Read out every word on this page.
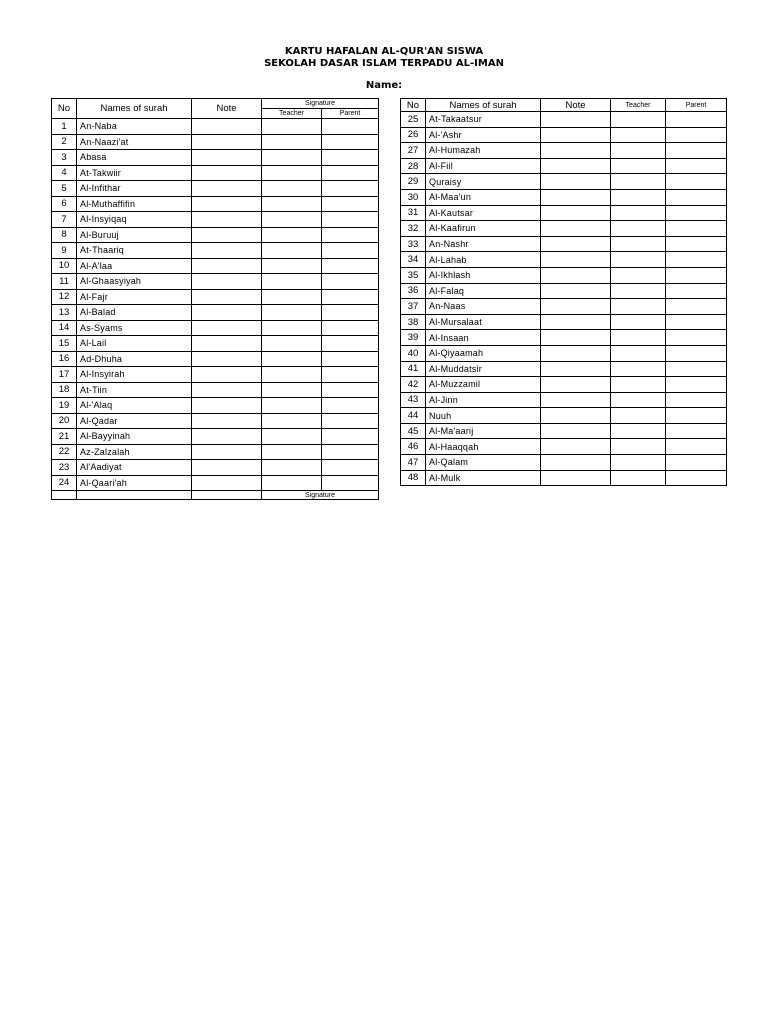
KARTU HAFALAN AL-QUR'AN SISWA
SEKOLAH DASAR ISLAM TERPADU AL-IMAN
Name:
No	Names of surah	Note	Signature	
			Teacher	Parent
1	An-Naba			
2	An-Naazi'at			
3	Abasa			
4	At-Takwiir			
5	Al-Infithar			
6	Al-Muthaffifin			
7	Al-Insyiqaq			
8	Al-Buruuj			
9	At-Thaariq			
10	Al-A'laa			
11	Al-Ghaasyiyah			
12	Al-Fajr			
13	Al-Balad			
14	As-Syams			
15	Al-Lail			
16	Ad-Dhuha			
17	Al-Insyirah			
18	At-Tiin			
19	Al-'Alaq			
20	Al-Qadar			
21	Al-Bayyinah			
22	Az-Zalzalah			
23	Al'Aadiyat			
24	Al-Qaari'ah			
			Signature	
No	Names of surah	Note	Teacher	Parent
25	At-Takaatsur			
26	Al-'Ashr			
27	Al-Humazah			
28	Al-Fiil			
29	Quraisy			
30	Al-Maa'un			
31	Al-Kautsar			
32	Al-Kaafirun			
33	An-Nashr			
34	Al-Lahab			
35	Al-Ikhlash			
36	Al-Falaq			
37	An-Naas			
38	Al-Mursalaat			
39	Al-Insaan			
40	Al-Qiyaamah			
41	Al-Muddatsir			
42	Al-Muzzamil			
43	Al-Jinn			
44	Nuuh			
45	Al-Ma'aarij			
46	Al-Haaqqah			
47	Al-Qalam			
48	Al-Mulk			
